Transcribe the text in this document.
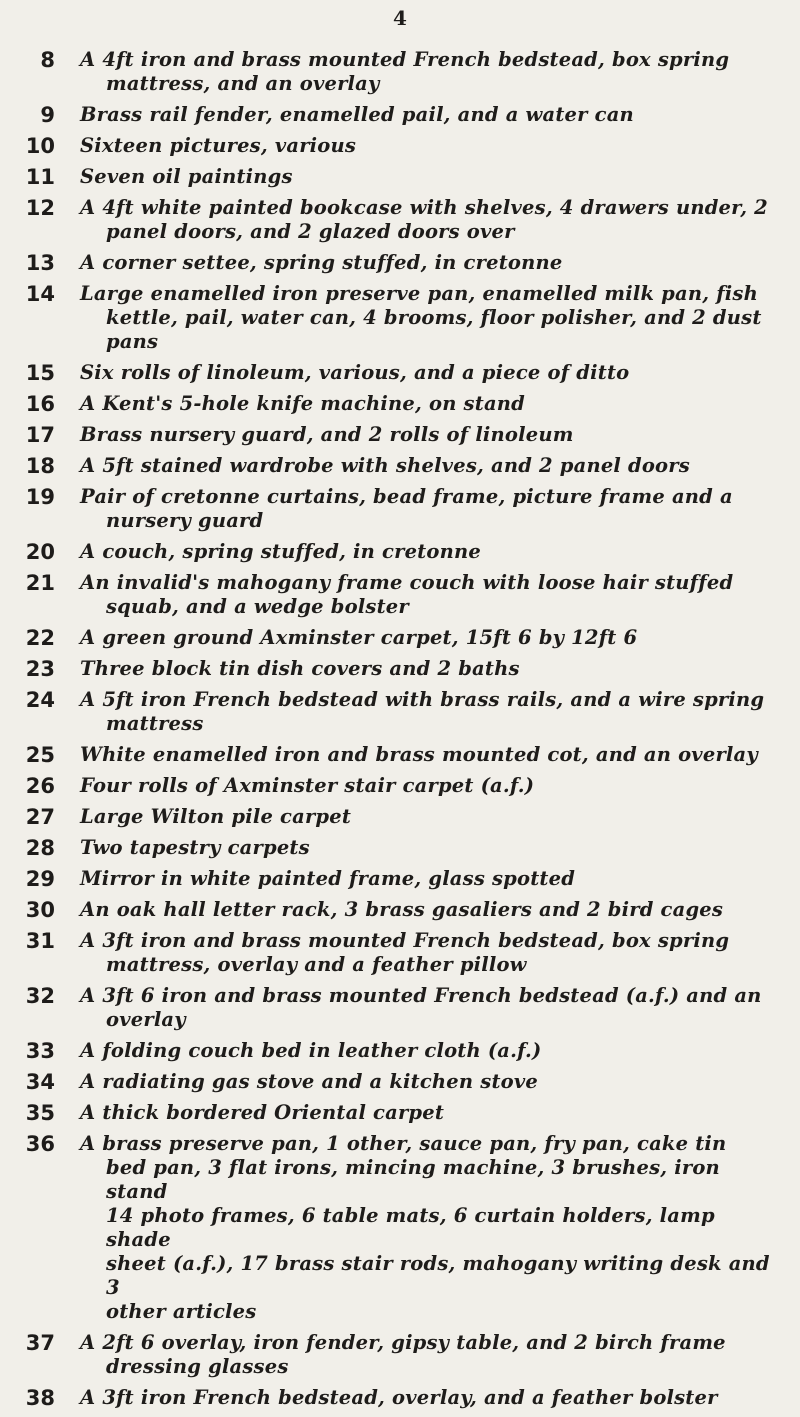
4
8 A 4ft iron and brass mounted French bedstead, box spring
mattress, and an overlay
9 Brass rail fender, enamelled pail, and a water can
10 Sixteen pictures, various
11 Seven oil paintings
12 A 4ft white painted bookcase with shelves, 4 drawers under, 2
panel doors, and 2 glazed doors over
13 A corner settee, spring stuffed, in cretonne
14 Large enamelled iron preserve pan, enamelled milk pan, fish
kettle, pail, water can, 4 brooms, floor polisher, and 2 dust pans
15 Six rolls of linoleum, various, and a piece of ditto
16 A Kent's 5-hole knife machine, on stand
17 Brass nursery guard, and 2 rolls of linoleum
18 A 5ft stained wardrobe with shelves, and 2 panel doors
19 Pair of cretonne curtains, bead frame, picture frame and a
nursery guard
20 A couch, spring stuffed, in cretonne
21 An invalid's mahogany frame couch with loose hair stuffed
squab, and a wedge bolster
22 A green ground Axminster carpet, 15ft 6 by 12ft 6
23 Three block tin dish covers and 2 baths
24 A 5ft iron French bedstead with brass rails, and a wire spring
mattress
25 White enamelled iron and brass mounted cot, and an overlay
26 Four rolls of Axminster stair carpet (a.f.)
27 Large Wilton pile carpet
28 Two tapestry carpets
29 Mirror in white painted frame, glass spotted
30 An oak hall letter rack, 3 brass gasaliers and 2 bird cages
31 A 3ft iron and brass mounted French bedstead, box spring
mattress, overlay and a feather pillow
32 A 3ft 6 iron and brass mounted French bedstead (a.f.) and an
overlay
33 A folding couch bed in leather cloth (a.f.)
34 A radiating gas stove and a kitchen stove
35 A thick bordered Oriental carpet
36 A brass preserve pan, 1 other, sauce pan, fry pan, cake tin
bed pan, 3 flat irons, mincing machine, 3 brushes, iron stand
14 photo frames, 6 table mats, 6 curtain holders, lamp shade
sheet (a.f.), 17 brass stair rods, mahogany writing desk and 3
other articles
37 A 2ft 6 overlay, iron fender, gipsy table, and 2 birch frame
dressing glasses
38 A 3ft iron French bedstead, overlay, and a feather bolster
